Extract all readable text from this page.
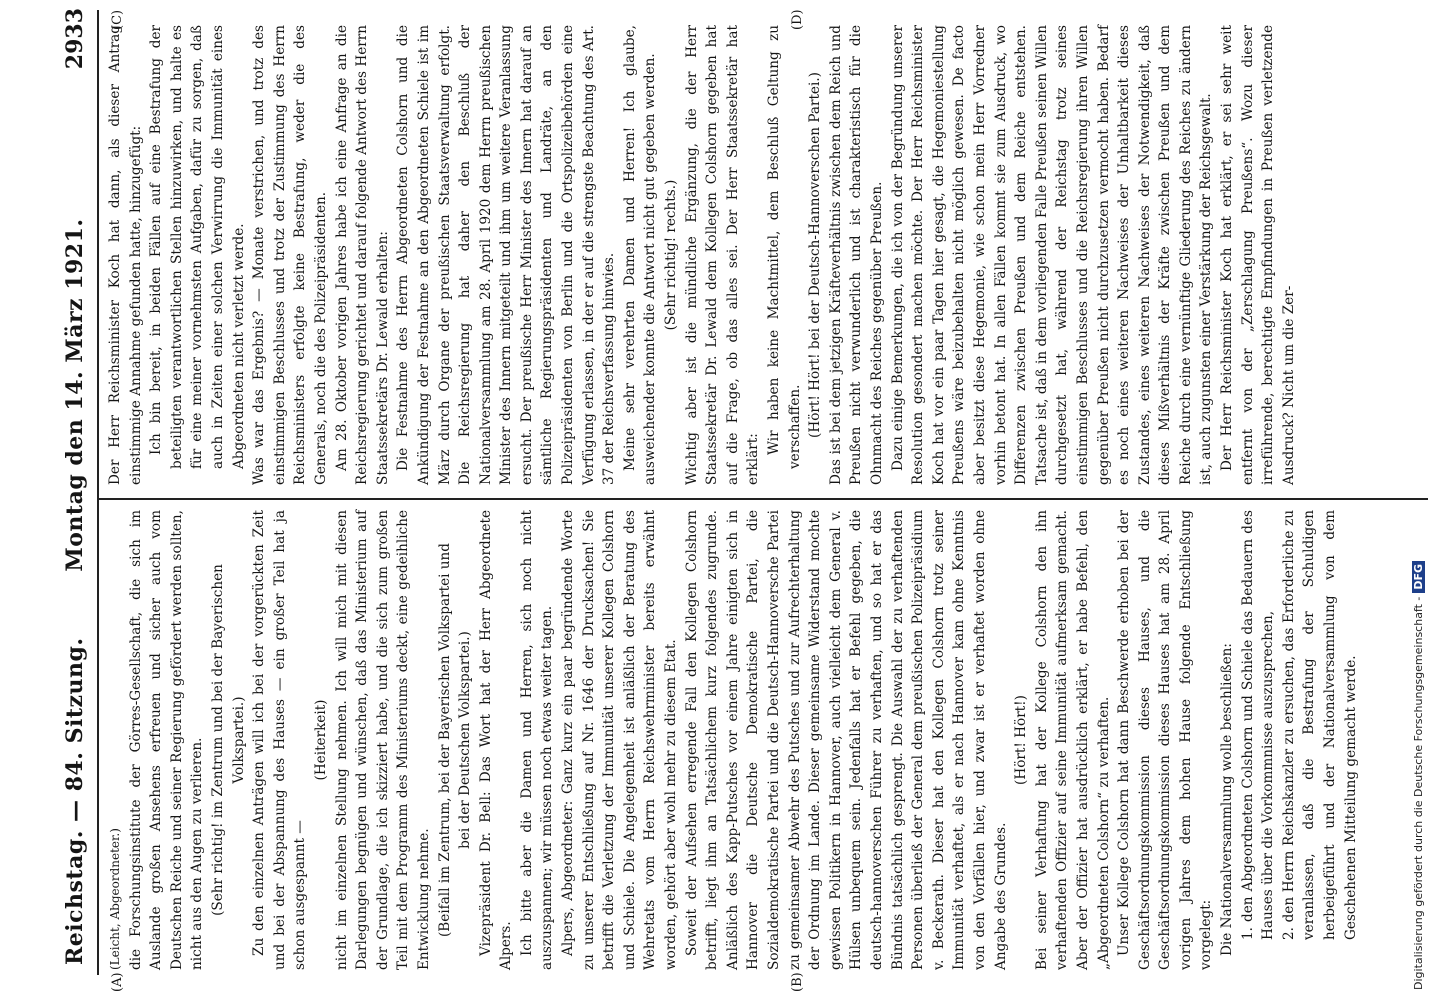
Reichstag. — 84. Sitzung.
Montag den 14. März 1921.
2933
(A)	(B)
(C)	(D)

(Leicht, Abgeordneter.) die Forschungsinstitute der Görres-Gesellschaft, die sich im Auslande großen Ansehens erfreuen und sicher auch vom Deutschen Reiche und seiner Regierung gefördert werden sollten, nicht aus den Augen zu verlieren. (Sehr richtig! im Zentrum und bei der Bayerischen Volkspartei.) Zu den einzelnen Anträgen will ich bei der vorgerückten Zeit und bei der Abspannung des Hauses — ein großer Teil hat ja schon ausgespannt —

(Heiterkeit) nicht im einzelnen Stellung nehmen. Ich will mich mit diesen Darlegungen begnügen und wünschen, daß das Ministerium auf der Grundlage, die ich skizziert habe, und die sich zum großen Teil mit dem Programm des Ministeriums deckt, eine gedeihliche Entwicklung nehme. (Beifall im Zentrum, bei der Bayerischen Volkspartei und bei der Deutschen Volkspartei.) Vizepräsident Dr. Bell: Das Wort hat der Herr Abgeordnete Alpers. Ich bitte aber die Damen und Herren, sich noch nicht auszuspannen; wir müssen noch etwas weiter tagen. Alpers, Abgeordneter: Ganz kurz ein paar begründende Worte zu unserer Entschließung auf Nr. 1646 der Drucksachen! Sie betrifft die Verletzung der Immunität unserer Kollegen Colshorn und Schiele. Die Angelegenheit ist anläßlich der Beratung des Wehretats vom Herrn Reichswehrminister bereits erwähnt worden, gehört aber wohl mehr zu diesem Etat. Soweit der Aufsehen erregende Fall den Kollegen Colshorn betrifft, liegt ihm an Tatsächlichem kurz folgendes zugrunde. Anläßlich des Kapp-Putsches vor einem Jahre einigten sich in Hannover die Deutsche Demokratische Partei, die Sozialdemokratische Partei und die Deutsch-Hannoversche Partei zu gemeinsamer Abwehr des Putsches und zur Aufrechterhaltung der Ordnung im Lande. Dieser gemeinsame Widerstand mochte gewissen Politikern in Hannover, auch vielleicht dem General v. Hülsen unbequem sein. Jedenfalls hat er Befehl gegeben, die deutsch-hannoverschen Führer zu verhaften, und so hat er das Bündnis tatsächlich gesprengt. Die Auswahl der zu verhaftenden Personen überließ der General dem preußischen Polizeipräsidium v. Beckerath. Dieser hat den Kollegen Colshorn trotz seiner Immunität verhaftet, als er nach Hannover kam ohne Kenntnis von den Vorfällen hier, und zwar ist er verhaftet worden ohne Angabe des Grundes.

(Hört! Hört!) Bei seiner Verhaftung hat der Kollege Colshorn den ihn verhaftenden Offizier auf seine Immunität aufmerksam gemacht. Aber der Offizier hat ausdrücklich erklärt, er habe Befehl, den „Abgeordneten Colshorn“ zu verhaften. Unser Kollege Colshorn hat dann Beschwerde erhoben bei der Geschäftsordnungskommission dieses Hauses, und die Geschäftsordnungskommission dieses Hauses hat am 28. April vorigen Jahres dem hohen Hause folgende Entschließung vorgelegt: Die Nationalversammlung wolle beschließen: 1. den Abgeordneten Colshorn und Schiele das Bedauern des Hauses über die Vorkommnisse auszusprechen, 2. den Herrn Reichskanzler zu ersuchen, das Erforderliche zu veranlassen, daß die Bestrafung der Schuldigen herbeigeführt und der Nationalversammlung von dem Geschehenen Mitteilung gemacht werde.

Der Herr Reichsminister Koch hat dann, als dieser Antrag einstimmige Annahme gefunden hatte, hinzugefügt: Ich bin bereit, in beiden Fällen auf eine Bestrafung der beteiligten verantwortlichen Stellen hinzuwirken, und halte es für eine meiner vornehmsten Aufgaben, dafür zu sorgen, daß auch in Zeiten einer solchen Verwirrung die Immunität eines Abgeordneten nicht verletzt werde. Was war das Ergebnis? — Monate verstrichen, und trotz des einstimmigen Beschlusses und trotz der Zustimmung des Herrn Reichsministers erfolgte keine Bestrafung, weder die des Generals, noch die des Polizeipräsidenten. Am 28. Oktober vorigen Jahres habe ich eine Anfrage an die Reichsregierung gerichtet und darauf folgende Antwort des Herrn Staatssekretärs Dr. Lewald erhalten: Die Festnahme des Herrn Abgeordneten Colshorn und die Ankündigung der Festnahme an den Abgeordneten Schiele ist im März durch Organe der preußischen Staatsverwaltung erfolgt. Die Reichsregierung hat daher den Beschluß der Nationalversammlung am 28. April 1920 dem Herrn preußischen Minister des Innern mitgeteilt und ihm um weitere Veranlassung ersucht. Der preußische Herr Minister des Innern hat darauf an sämtliche Regierungspräsidenten und Landräte, an den Polizeipräsidenten von Berlin und die Ortspolizeibehörden eine Verfügung erlassen, in der er auf die strengste Beachtung des Art. 37 der Reichsverfassung hinwies. Meine sehr verehrten Damen und Herren! Ich glaube, ausweichender konnte die Antwort nicht gut gegeben werden. (Sehr richtig! rechts.) Wichtig aber ist die mündliche Ergänzung, die der Herr Staatssekretär Dr. Lewald dem Kollegen Colshorn gegeben hat auf die Frage, ob das alles sei. Der Herr Staatssekretär hat erklärt:

Wir haben keine Machtmittel, dem Beschluß Geltung zu verschaffen. (Hört! Hört! bei der Deutsch-Hannoverschen Partei.) Das ist bei dem jetzigen Kräfteverhältnis zwischen dem Reich und Preußen nicht verwunderlich und ist charakteristisch für die Ohnmacht des Reiches gegenüber Preußen. Dazu einige Bemerkungen, die ich von der Begründung unserer Resolution gesondert machen möchte. Der Herr Reichsminister Koch hat vor ein paar Tagen hier gesagt, die Hegemoniestellung Preußens wäre beizubehalten nicht möglich gewesen. De facto aber besitzt diese Hegemonie, wie schon mein Herr Vorredner vorhin betont hat. In allen Fällen kommt sie zum Ausdruck, wo Differenzen zwischen Preußen und dem Reiche entstehen. Tatsache ist, daß in dem vorliegenden Falle Preußen seinen Willen durchgesetzt hat, während der Reichstag trotz seines einstimmigen Beschlusses und die Reichsregierung ihren Willen gegenüber Preußen nicht durchzusetzen vermocht haben. Bedarf es noch eines weiteren Nachweises der Unhaltbarkeit dieses Zustandes, eines weiteren Nachweises der Notwendigkeit, daß dieses Mißverhältnis der Kräfte zwischen Preußen und dem Reiche durch eine vernünftige Gliederung des Reiches zu ändern ist, auch zugunsten einer Verstärkung der Reichsgewalt. Der Herr Reichsminister Koch hat erklärt, er sei sehr weit entfernt von der „Zerschlagung Preußens“. Wozu dieser irreführende, berechtigte Empfindungen in Preußen verletzende Ausdruck? Nicht um die Zer-

Digitalisierung gefördert durch die Deutsche Forschungsgemeinschaft -DFG
